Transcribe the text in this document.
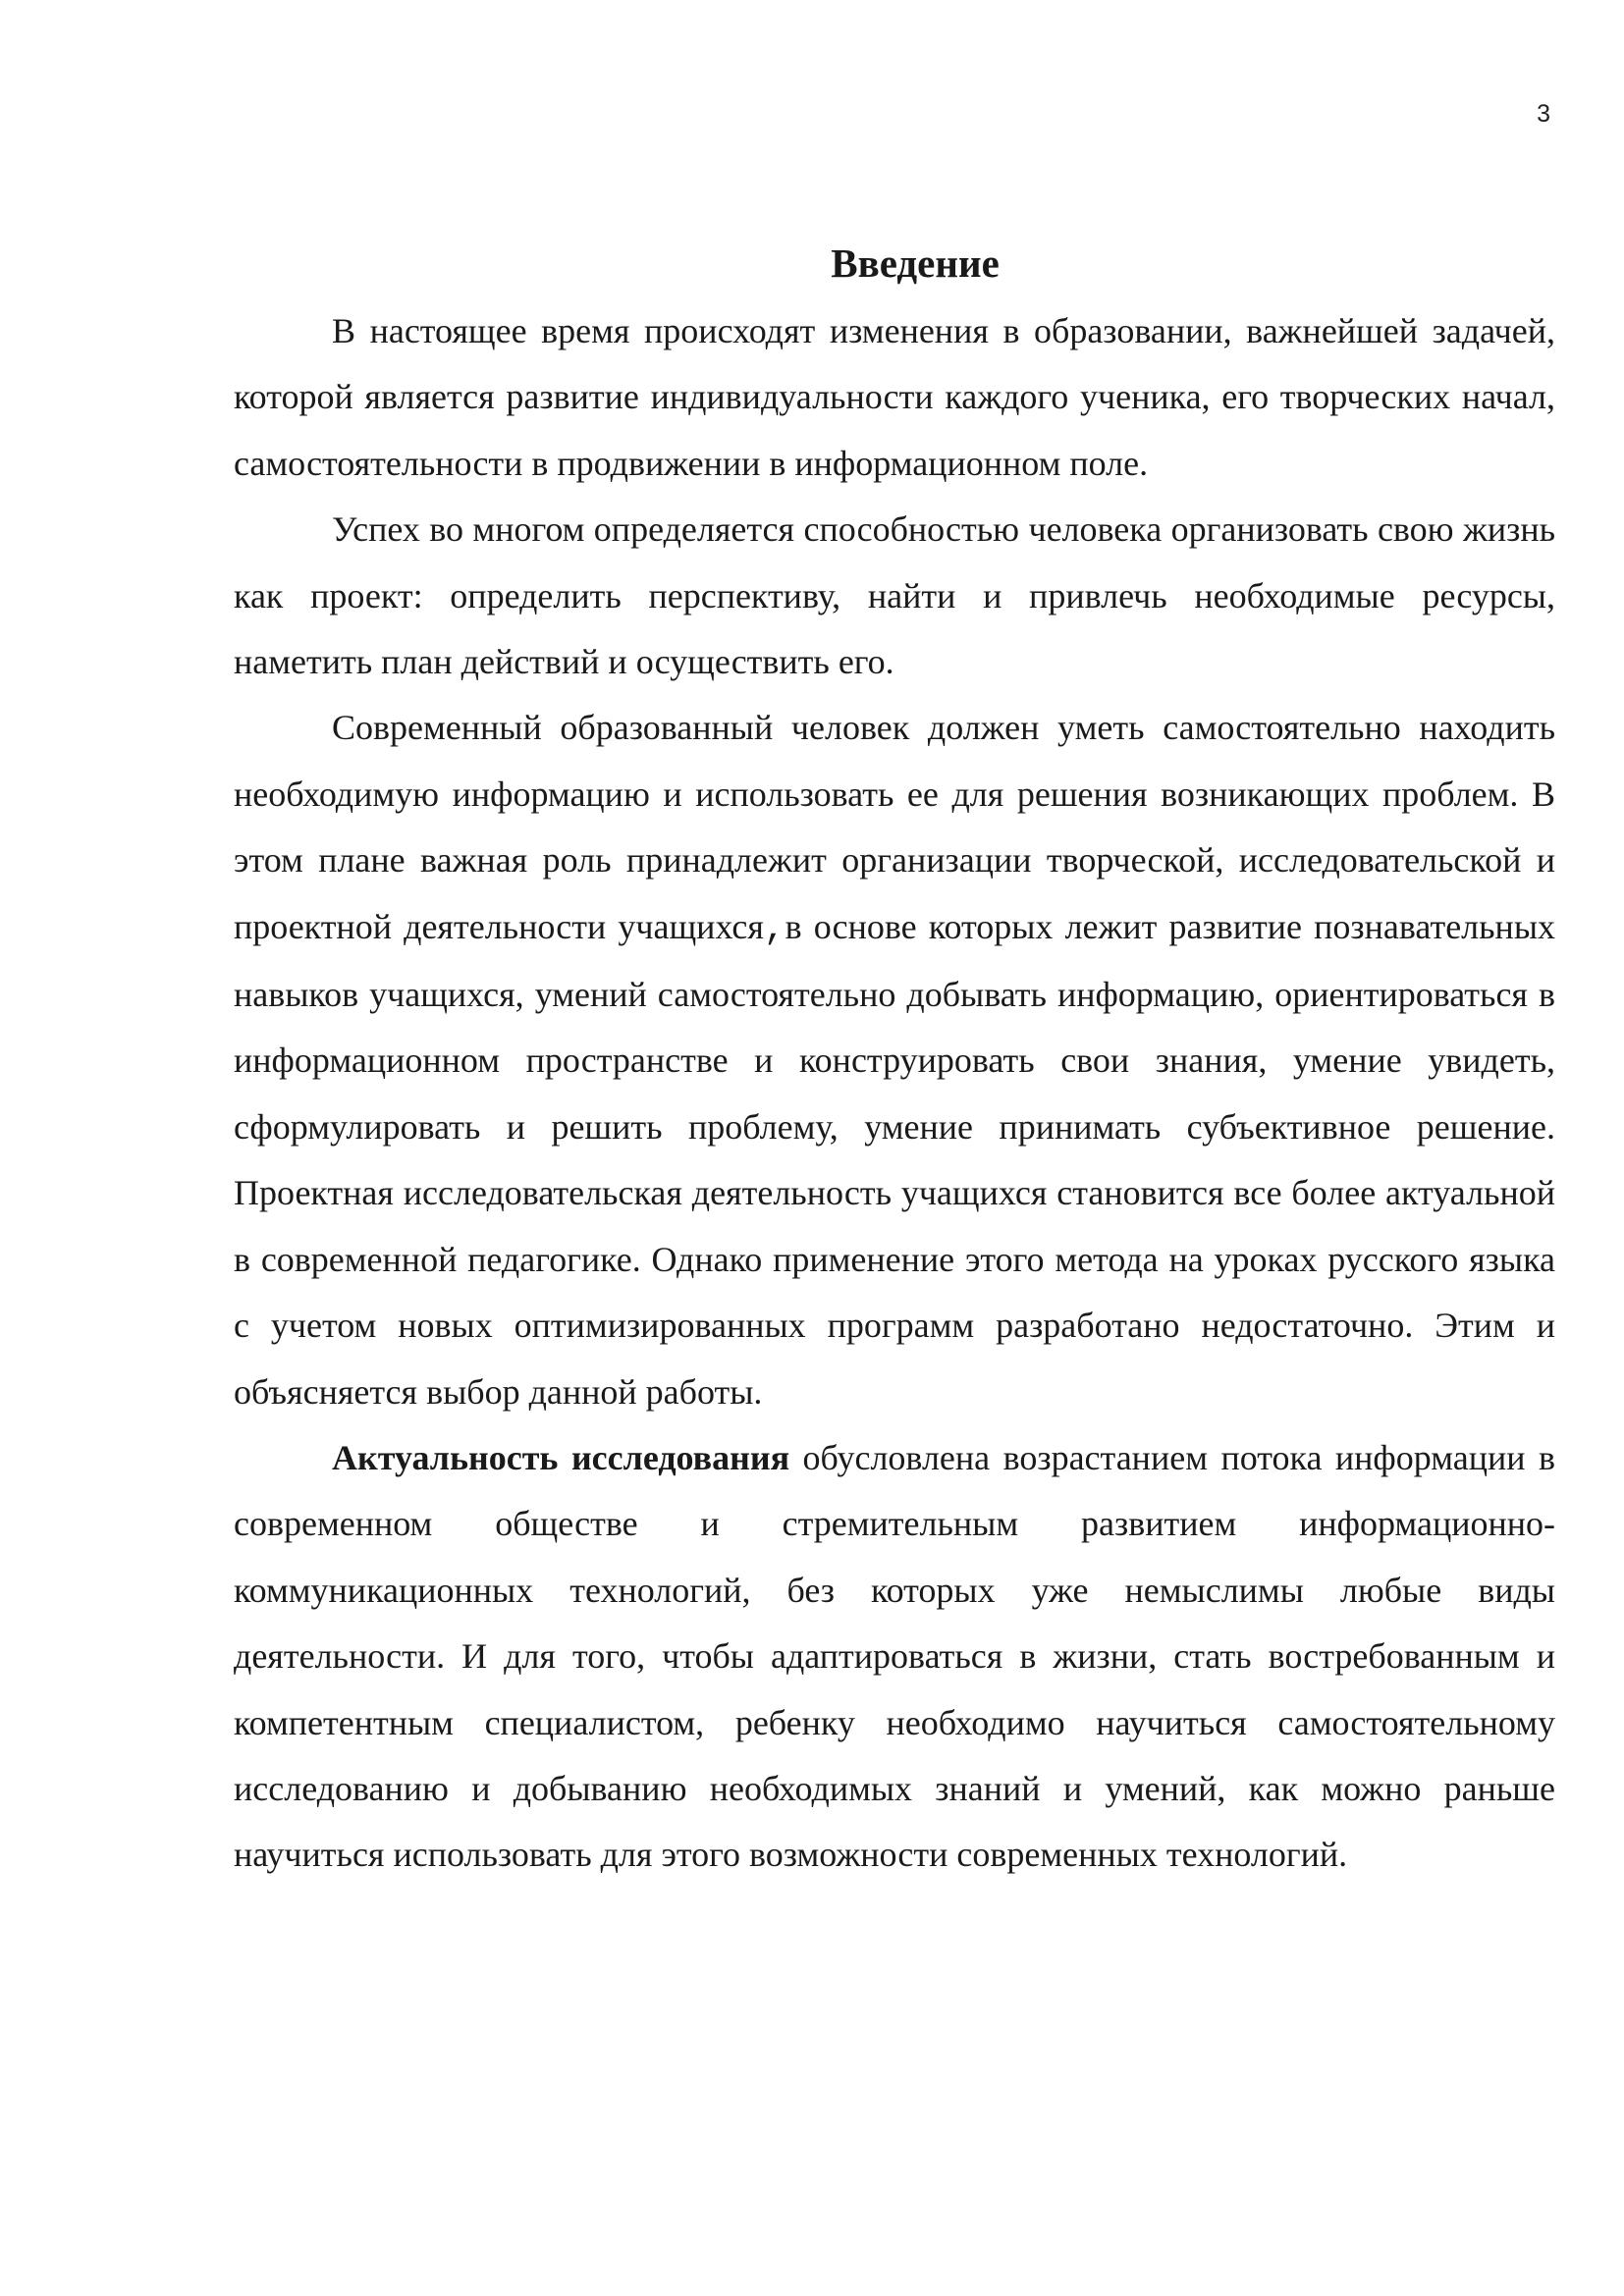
3
Введение

В настоящее время происходят изменения в образовании, важнейшей задачей, которой является развитие индивидуальности каждого ученика, его творческих начал, самостоятельности в продвижении в информационном поле.

Успех во многом определяется способностью человека организовать свою жизнь как проект: определить перспективу, найти и привлечь необходимые ресурсы, наметить план действий и осуществить его.

Современный образованный человек должен уметь самостоятельно находить необходимую информацию и использовать ее для решения возникающих проблем. В этом плане важная роль принадлежит организации творческой, исследовательской и проектной деятельности учащихся,в основе которых лежит развитие познавательных навыков учащихся, умений самостоятельно добывать информацию, ориентироваться в информационном пространстве и конструировать свои знания, умение увидеть, сформулировать и решить проблему, умение принимать субъективное решение. Проектная исследовательская деятельность учащихся становится все более актуальной в современной педагогике. Однако применение этого метода на уроках русского языка с учетом новых оптимизированных программ разработано недостаточно. Этим и объясняется выбор данной работы.

Актуальность исследования обусловлена возрастанием потока информации в современном обществе и стремительным развитием информационно-коммуникационных технологий, без которых уже немыслимы любые виды деятельности. И для того, чтобы адаптироваться в жизни, стать востребованным и компетентным специалистом, ребенку необходимо научиться самостоятельному исследованию и добыванию необходимых знаний и умений, как можно раньше научиться использовать для этого возможности современных технологий.
